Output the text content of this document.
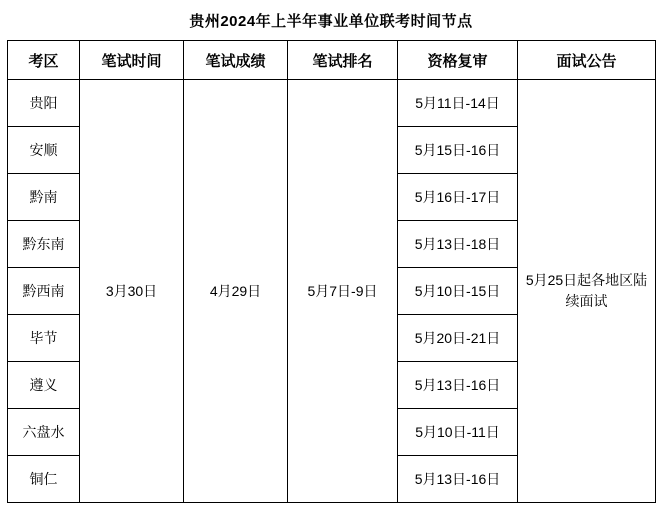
贵州2024年上半年事业单位联考时间节点
考区	笔试时间	笔试成绩	笔试排名	资格复审	面试公告
贵阳	3月30日	4月29日	5月7日-9日	5月11日-14日	5月25日起各地区陆续面试
安顺				5月15日-16日	
黔南				5月16日-17日	
黔东南				5月13日-18日	
黔西南				5月10日-15日	
毕节				5月20日-21日	
遵义				5月13日-16日	
六盘水				5月10日-11日	
铜仁				5月13日-16日	
